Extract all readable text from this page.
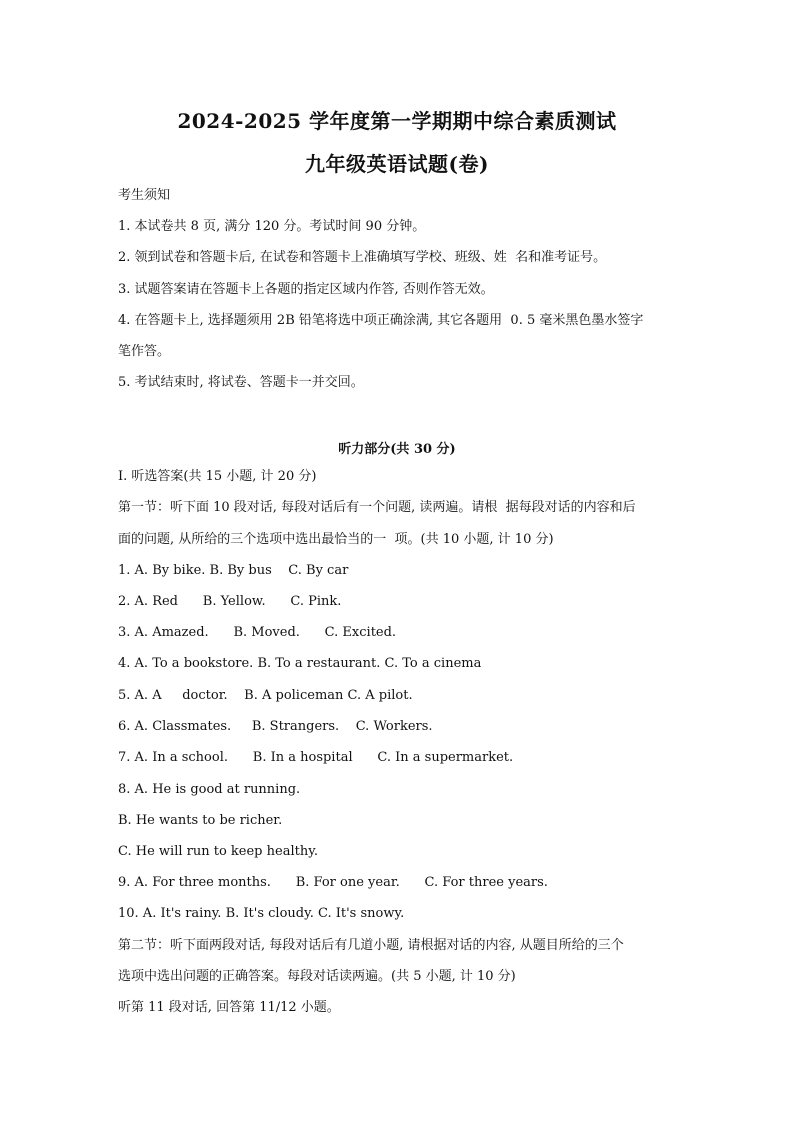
2024-2025 学年度第一学期期中综合素质测试
九年级英语试题(卷)
考生须知
1. 本试卷共 8 页, 满分 120 分。考试时间 90 分钟。
2. 领到试卷和答题卡后, 在试卷和答题卡上准确填写学校、班级、姓  名和准考证号。
3. 试题答案请在答题卡上各题的指定区域内作答, 否则作答无效。
4. 在答题卡上, 选择题须用 2B 铅笔将选中项正确涂满, 其它各题用  0. 5 毫米黑色墨水签字
笔作答。
5. 考试结束时, 将试卷、答题卡一并交回。
听力部分(共 30 分)
I. 听选答案(共 15 小题, 计 20 分)
第一节：听下面 10 段对话, 每段对话后有一个问题, 读两遍。请根  据每段对话的内容和后
面的问题, 从所给的三个选项中选出最恰当的一  项。(共 10 小题, 计 10 分)
1. A. By bike. B. By bus    C. By car
2. A. Red      B. Yellow.      C. Pink.
3. A. Amazed.      B. Moved.      C. Excited.
4. A. To a bookstore. B. To a restaurant. C. To a cinema
5. A. A     doctor.    B. A policeman C. A pilot.
6. A. Classmates.     B. Strangers.    C. Workers.
7. A. In a school.      B. In a hospital      C. In a supermarket.
8. A. He is good at running.
B. He wants to be richer.
C. He will run to keep healthy.
9. A. For three months.      B. For one year.      C. For three years.
10. A. It's rainy. B. It's cloudy. C. It's snowy.
第二节：听下面两段对话, 每段对话后有几道小题, 请根据对话的内容, 从题目所给的三个
选项中选出问题的正确答案。每段对话读两遍。(共 5 小题, 计 10 分)
听第 11 段对话, 回答第 11/12 小题。
